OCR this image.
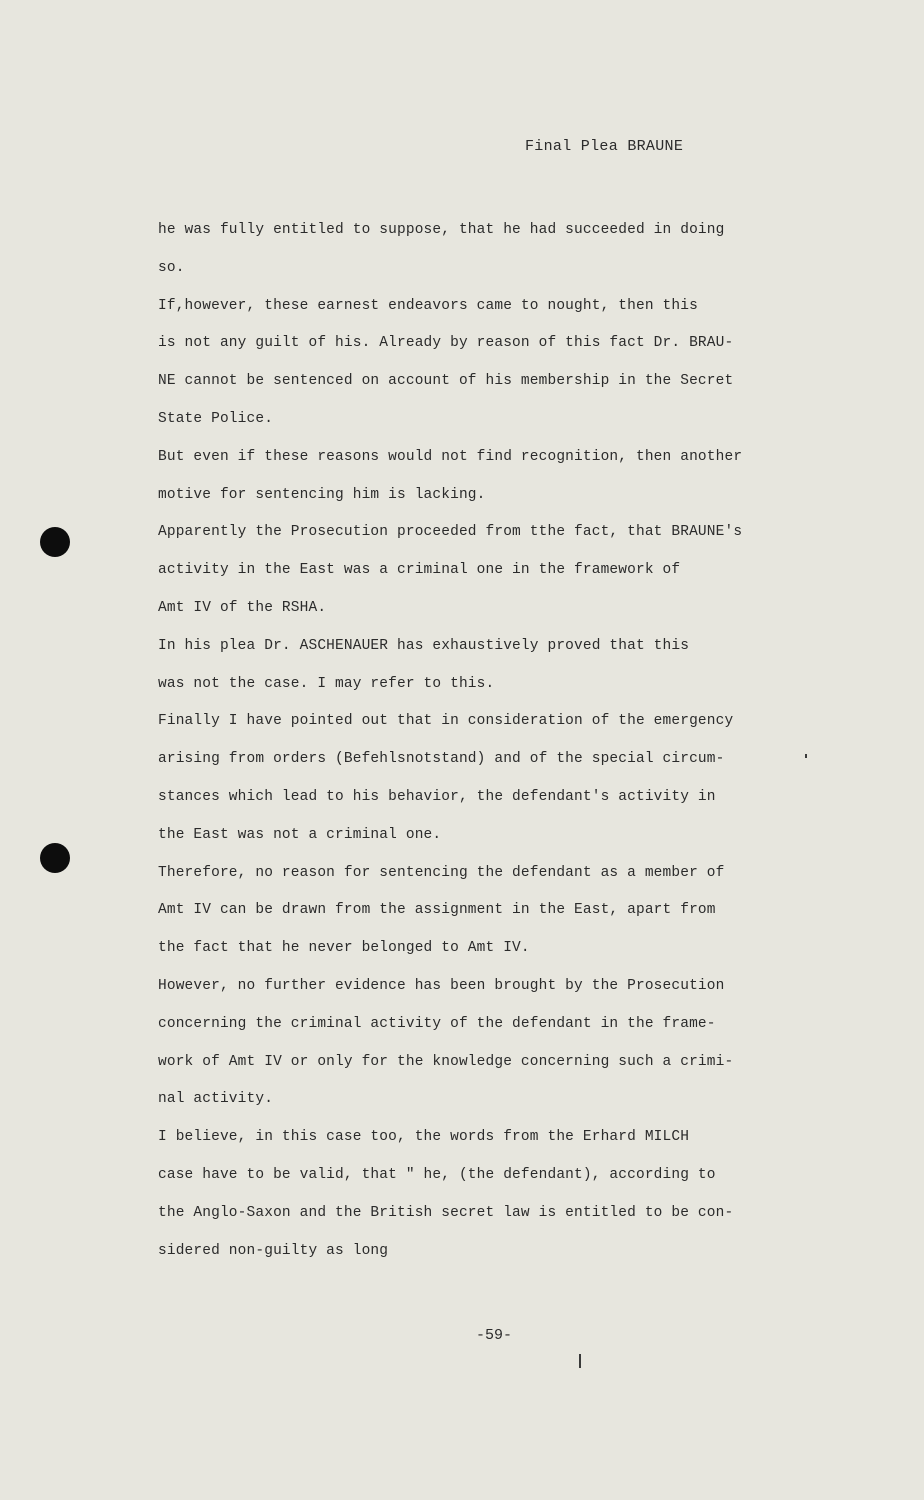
Final Plea BRAUNE
he was fully entitled to suppose, that he had succeeded in doing
so.
If,however, these earnest endeavors came to nought, then this
is not any guilt of his. Already by reason of this fact Dr. BRAU-
NE cannot be sentenced on account of his membership in the Secret
State Police.
But even if these reasons would not find recognition, then another
motive for sentencing him is lacking.
Apparently the Prosecution proceeded from tthe fact, that BRAUNE's
activity in the East was a criminal one in the framework of
Amt IV of the RSHA.
In his plea Dr. ASCHENAUER has exhaustively proved that this
was not the case. I may refer to this.
Finally I have pointed out that in consideration of the emergency
arising from orders (Befehlsnotstand) and of the special circum-
stances which lead to his behavior, the defendant's activity in
the East was not a criminal one.
Therefore, no reason for sentencing the defendant as a member of
Amt IV can be drawn from the assignment in the East, apart from
the fact that he never belonged to Amt IV.
However, no further evidence has been brought by the Prosecution
concerning the criminal activity of the defendant in the frame-
work of Amt IV or only for the knowledge concerning such a crimi-
nal activity.
I believe, in this case too, the words from the Erhard MILCH
case have to be valid, that " he, (the defendant), according to
the Anglo-Saxon and the British secret law is entitled to be con-
sidered non-guilty as long
-59-
